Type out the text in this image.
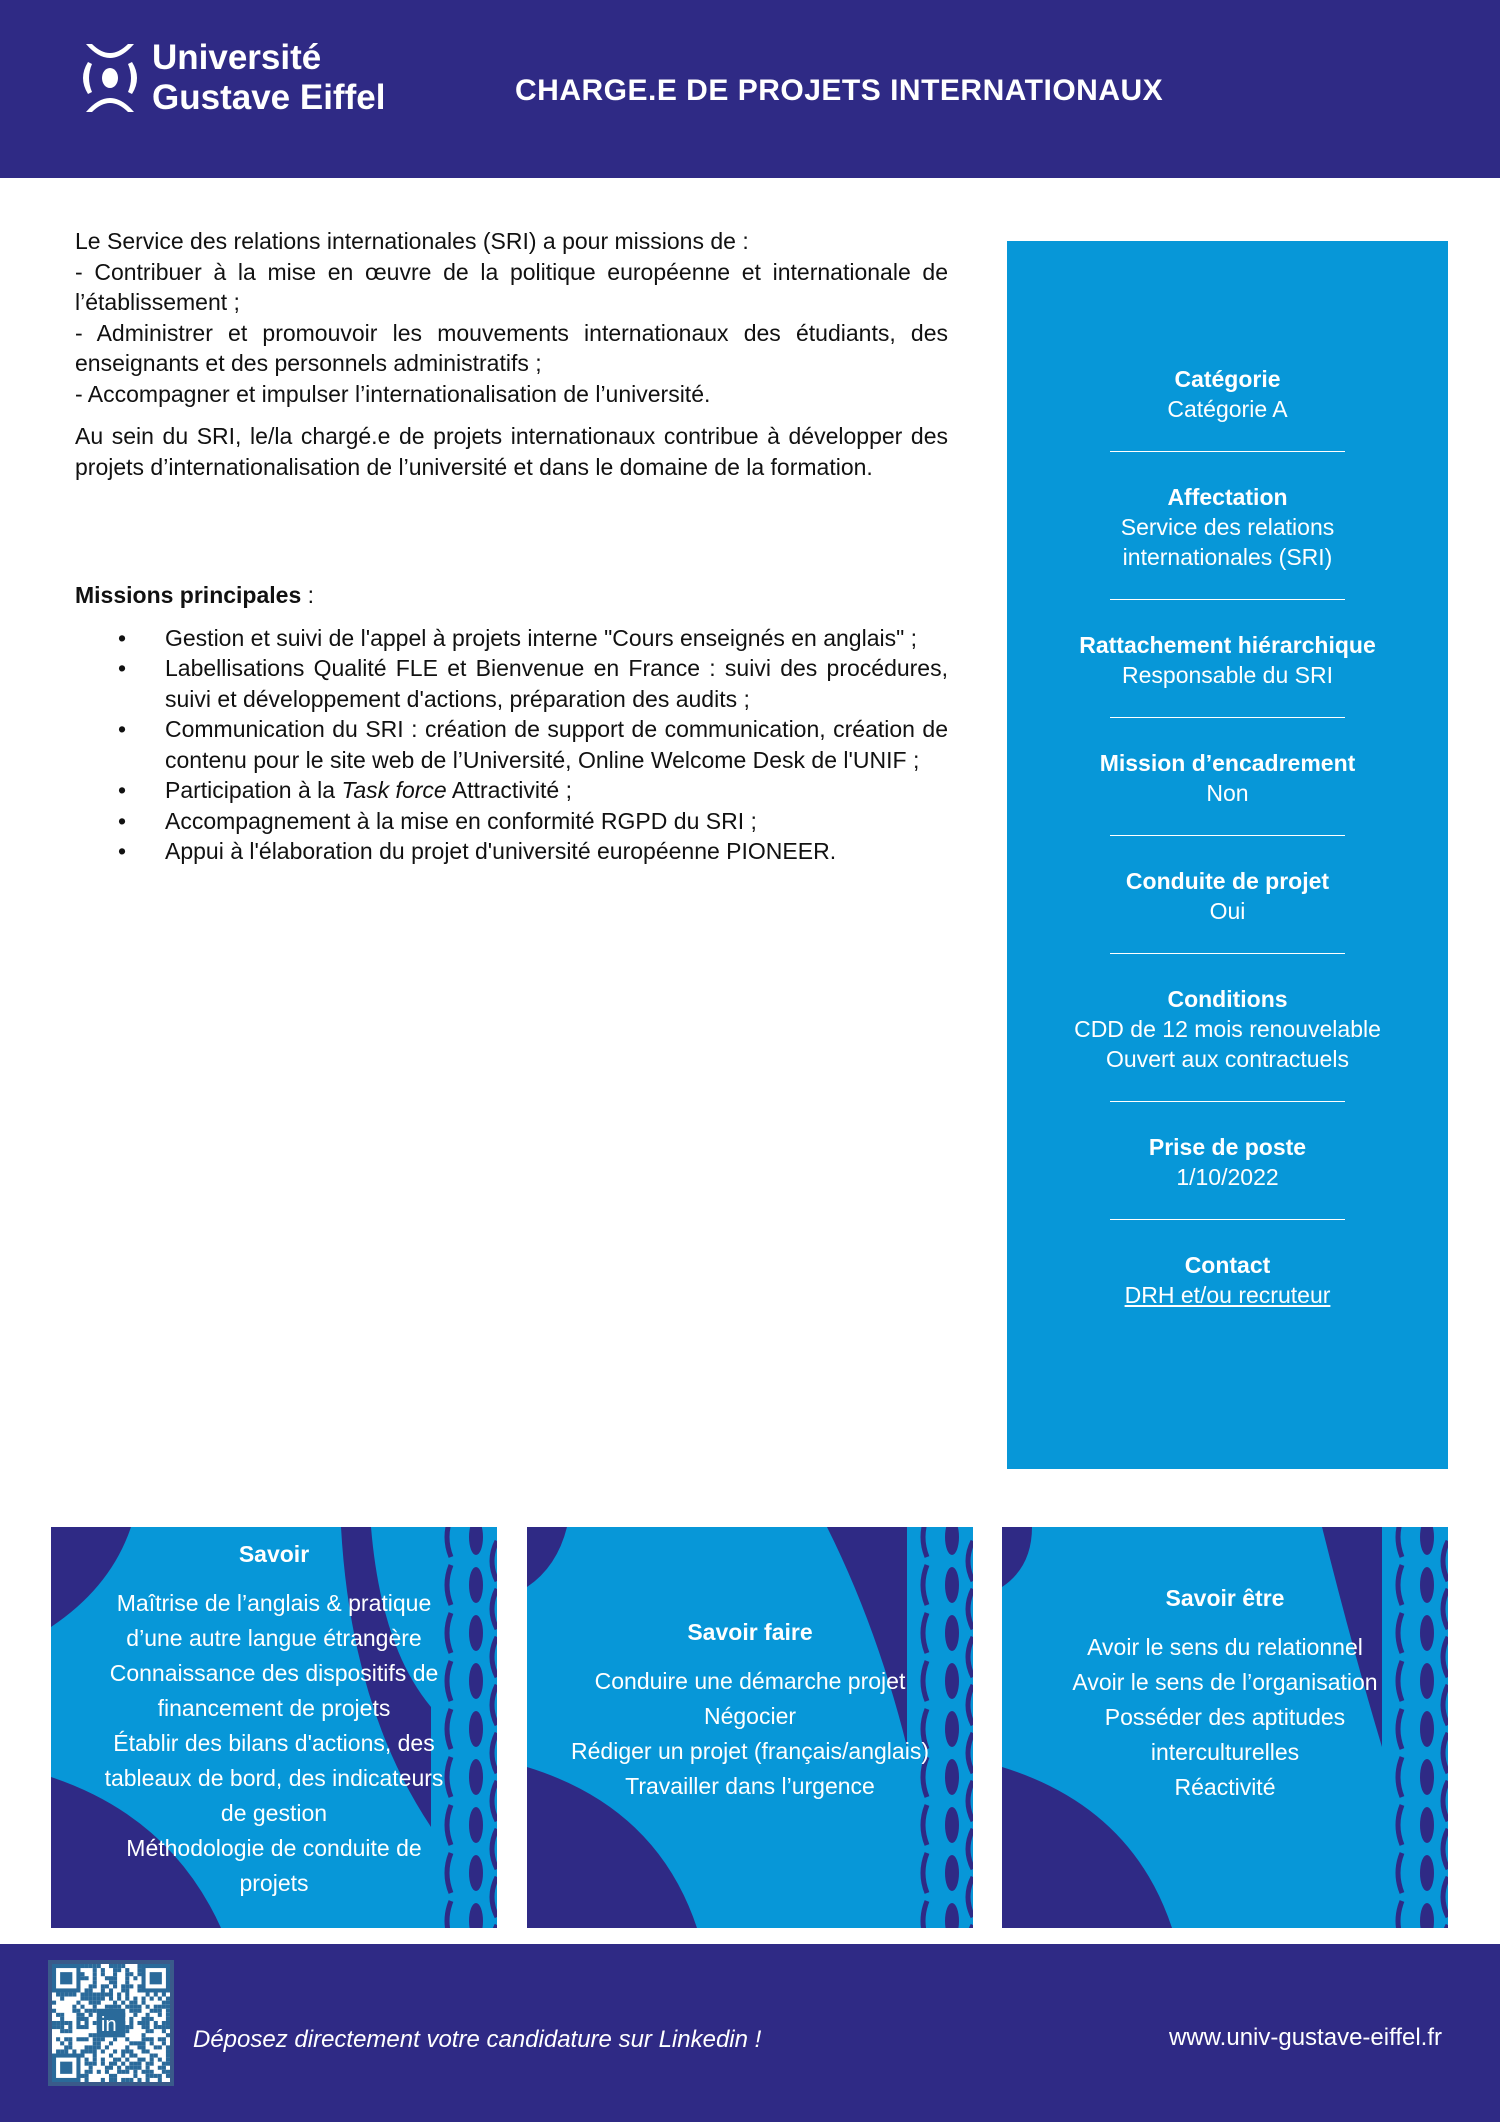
Université
Gustave Eiffel	CHARGE.E DE PROJETS INTERNATIONAUX

Le Service des relations internationales (SRI) a pour missions de :
- Contribuer à la mise en œuvre de la politique européenne et internationale de l’établissement ;
- Administrer et promouvoir les mouvements internationaux des étudiants, des enseignants et des personnels administratifs ;
- Accompagner et impulser l’internationalisation de l’université.

Au sein du SRI, le/la chargé.e de projets internationaux contribue à développer des projets d’internationalisation de l’université et dans le domaine de la formation.

Missions principales :

• Gestion et suivi de l'appel à projets interne "Cours enseignés en anglais" ;
• Labellisations Qualité FLE et Bienvenue en France : suivi des procédures, suivi et développement d'actions, préparation des audits ;
• Communication du SRI : création de support de communication, création de contenu pour le site web de l’Université, Online Welcome Desk de l'UNIF ;
• Participation à la Task force Attractivité ;
• Accompagnement à la mise en conformité RGPD du SRI ;
• Appui à l'élaboration du projet d'université européenne PIONEER.
Catégorie
Catégorie A
Affectation
Service des relations
internationales (SRI)
Rattachement hiérarchique
Responsable du SRI
Mission d’encadrement
Non
Conduite de projet
Oui
Conditions
CDD de 12 mois renouvelable
Ouvert aux contractuels
Prise de poste
1/10/2022
Contact
DRH et/ou recruteur
Savoir
Maîtrise de l’anglais & pratique
d’une autre langue étrangère
Connaissance des dispositifs de
financement de projets
Établir des bilans d'actions, des
tableaux de bord, des indicateurs
de gestion
Méthodologie de conduite de
projets
Savoir faire
Conduire une démarche projet
Négocier
Rédiger un projet (français/anglais)
Travailler dans l’urgence
Savoir être
Avoir le sens du relationnel
Avoir le sens de l’organisation
Posséder des aptitudes
interculturelles
Réactivité
in
Déposez directement votre candidature sur Linkedin !	www.univ-gustave-eiffel.fr
